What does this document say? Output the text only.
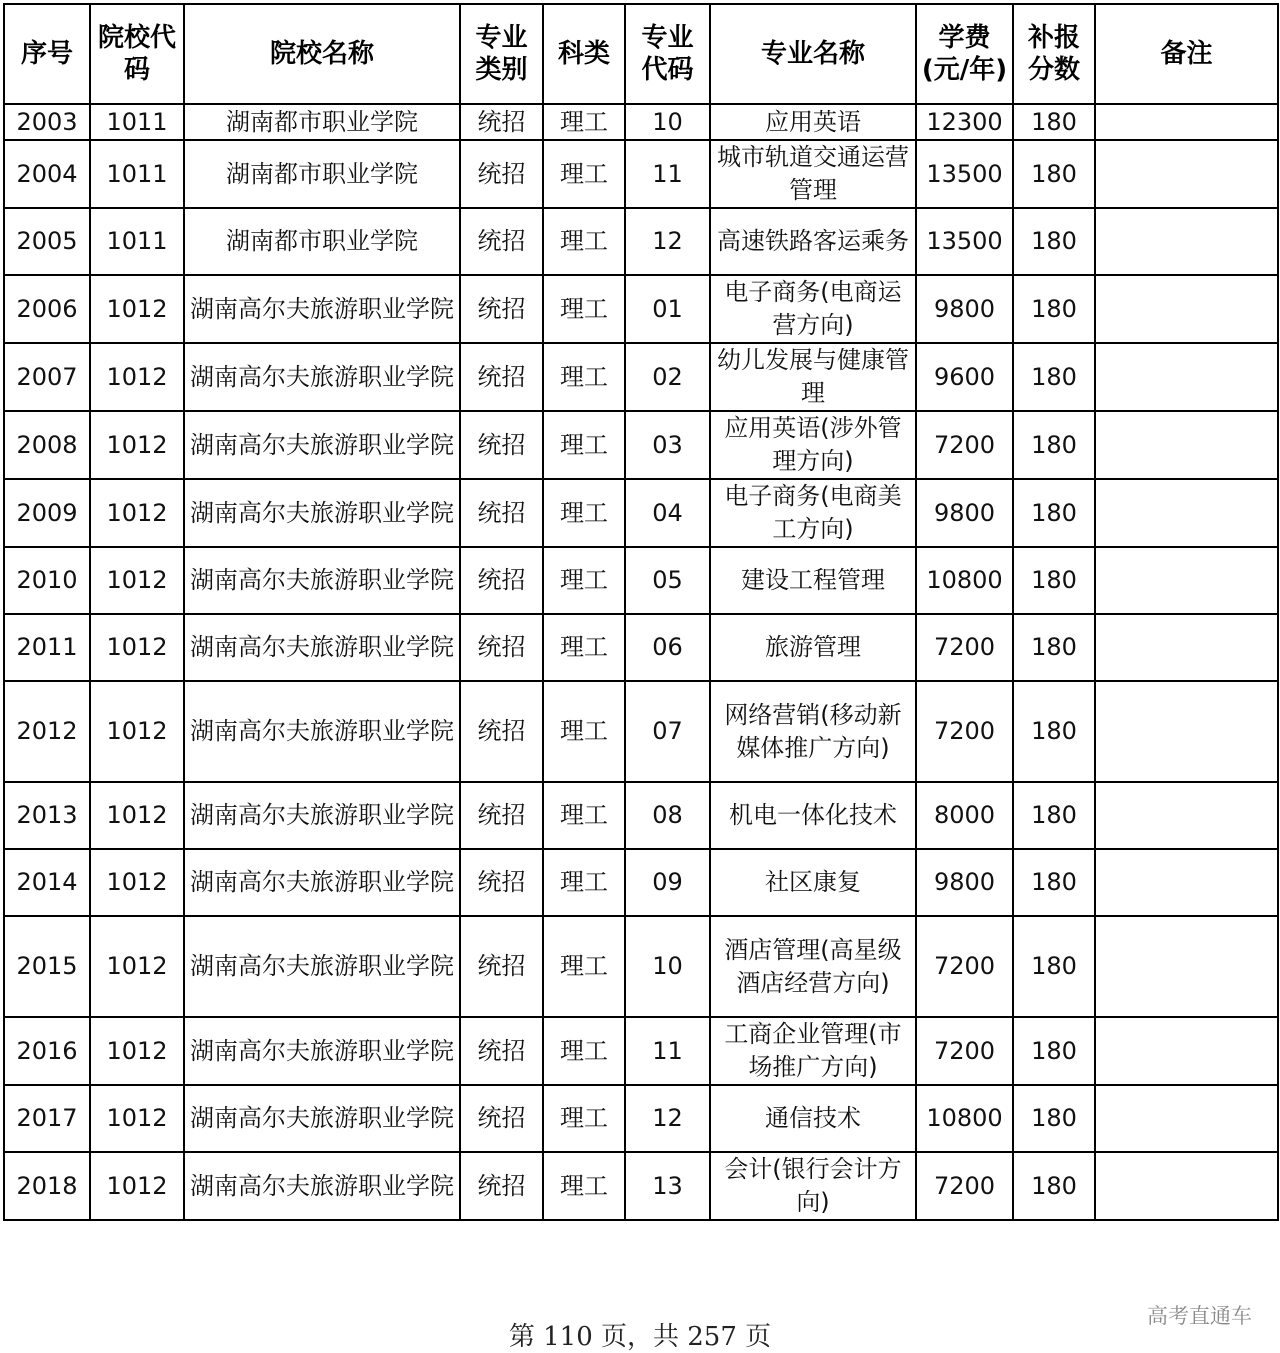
序号	院校代码	院校名称	专业类别	科类	专业代码	专业名称	学费(元/年)	补报分数	备注
2003	1011	湖南都市职业学院	统招	理工	10	应用英语	12300	180	
2004	1011	湖南都市职业学院	统招	理工	11	城市轨道交通运营管理	13500	180	
2005	1011	湖南都市职业学院	统招	理工	12	高速铁路客运乘务	13500	180	
2006	1012	湖南高尔夫旅游职业学院	统招	理工	01	电子商务(电商运营方向)	9800	180	
2007	1012	湖南高尔夫旅游职业学院	统招	理工	02	幼儿发展与健康管理	9600	180	
2008	1012	湖南高尔夫旅游职业学院	统招	理工	03	应用英语(涉外管理方向)	7200	180	
2009	1012	湖南高尔夫旅游职业学院	统招	理工	04	电子商务(电商美工方向)	9800	180	
2010	1012	湖南高尔夫旅游职业学院	统招	理工	05	建设工程管理	10800	180	
2011	1012	湖南高尔夫旅游职业学院	统招	理工	06	旅游管理	7200	180	
2012	1012	湖南高尔夫旅游职业学院	统招	理工	07	网络营销(移动新媒体推广方向)	7200	180	
2013	1012	湖南高尔夫旅游职业学院	统招	理工	08	机电一体化技术	8000	180	
2014	1012	湖南高尔夫旅游职业学院	统招	理工	09	社区康复	9800	180	
2015	1012	湖南高尔夫旅游职业学院	统招	理工	10	酒店管理(高星级酒店经营方向)	7200	180	
2016	1012	湖南高尔夫旅游职业学院	统招	理工	11	工商企业管理(市场推广方向)	7200	180	
2017	1012	湖南高尔夫旅游职业学院	统招	理工	12	通信技术	10800	180	
2018	1012	湖南高尔夫旅游职业学院	统招	理工	13	会计(银行会计方向)	7200	180	
高考直通车
第 110 页，共 257 页
